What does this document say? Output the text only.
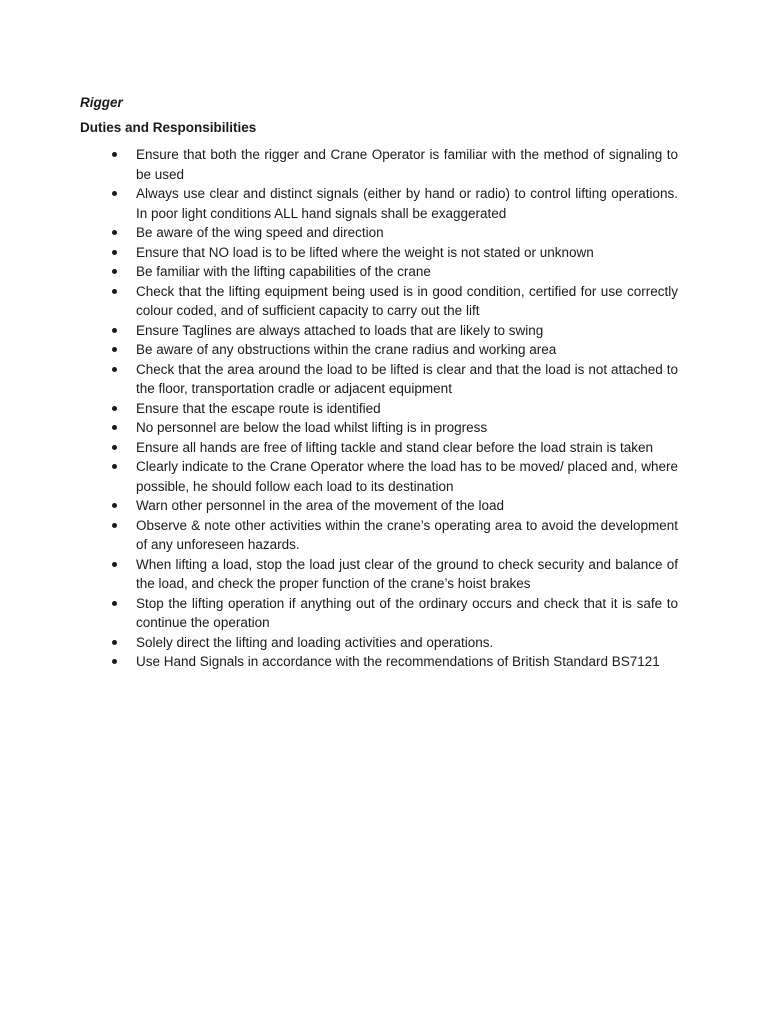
Rigger
Duties and Responsibilities
Ensure that both the rigger and Crane Operator is familiar with the method of signaling to be used
Always use clear and distinct signals (either by hand or radio) to control lifting operations. In poor light conditions ALL hand signals shall be exaggerated
Be aware of the wing speed and direction
Ensure that NO load is to be lifted where the weight is not stated or unknown
Be familiar with the lifting capabilities of the crane
Check that the lifting equipment being used is in good condition, certified for use correctly colour coded, and of sufficient capacity to carry out the lift
Ensure Taglines are always attached to loads that are likely to swing
Be aware of any obstructions within the crane radius and working area
Check that the area around the load to be lifted is clear and that the load is not attached to the floor, transportation cradle or adjacent equipment
Ensure that the escape route is identified
No personnel are below the load whilst lifting is in progress
Ensure all hands are free of lifting tackle and stand clear before the load strain is taken
Clearly indicate to the Crane Operator where the load has to be moved/ placed and, where possible, he should follow each load to its destination
Warn other personnel in the area of the movement of the load
Observe & note other activities within the crane’s operating area to avoid the development of any unforeseen hazards.
When lifting a load, stop the load just clear of the ground to check security and balance of the load, and check the proper function of the crane’s hoist brakes
Stop the lifting operation if anything out of the ordinary occurs and check that it is safe to continue the operation
Solely direct the lifting and loading activities and operations.
Use Hand Signals in accordance with the recommendations of British Standard BS7121
